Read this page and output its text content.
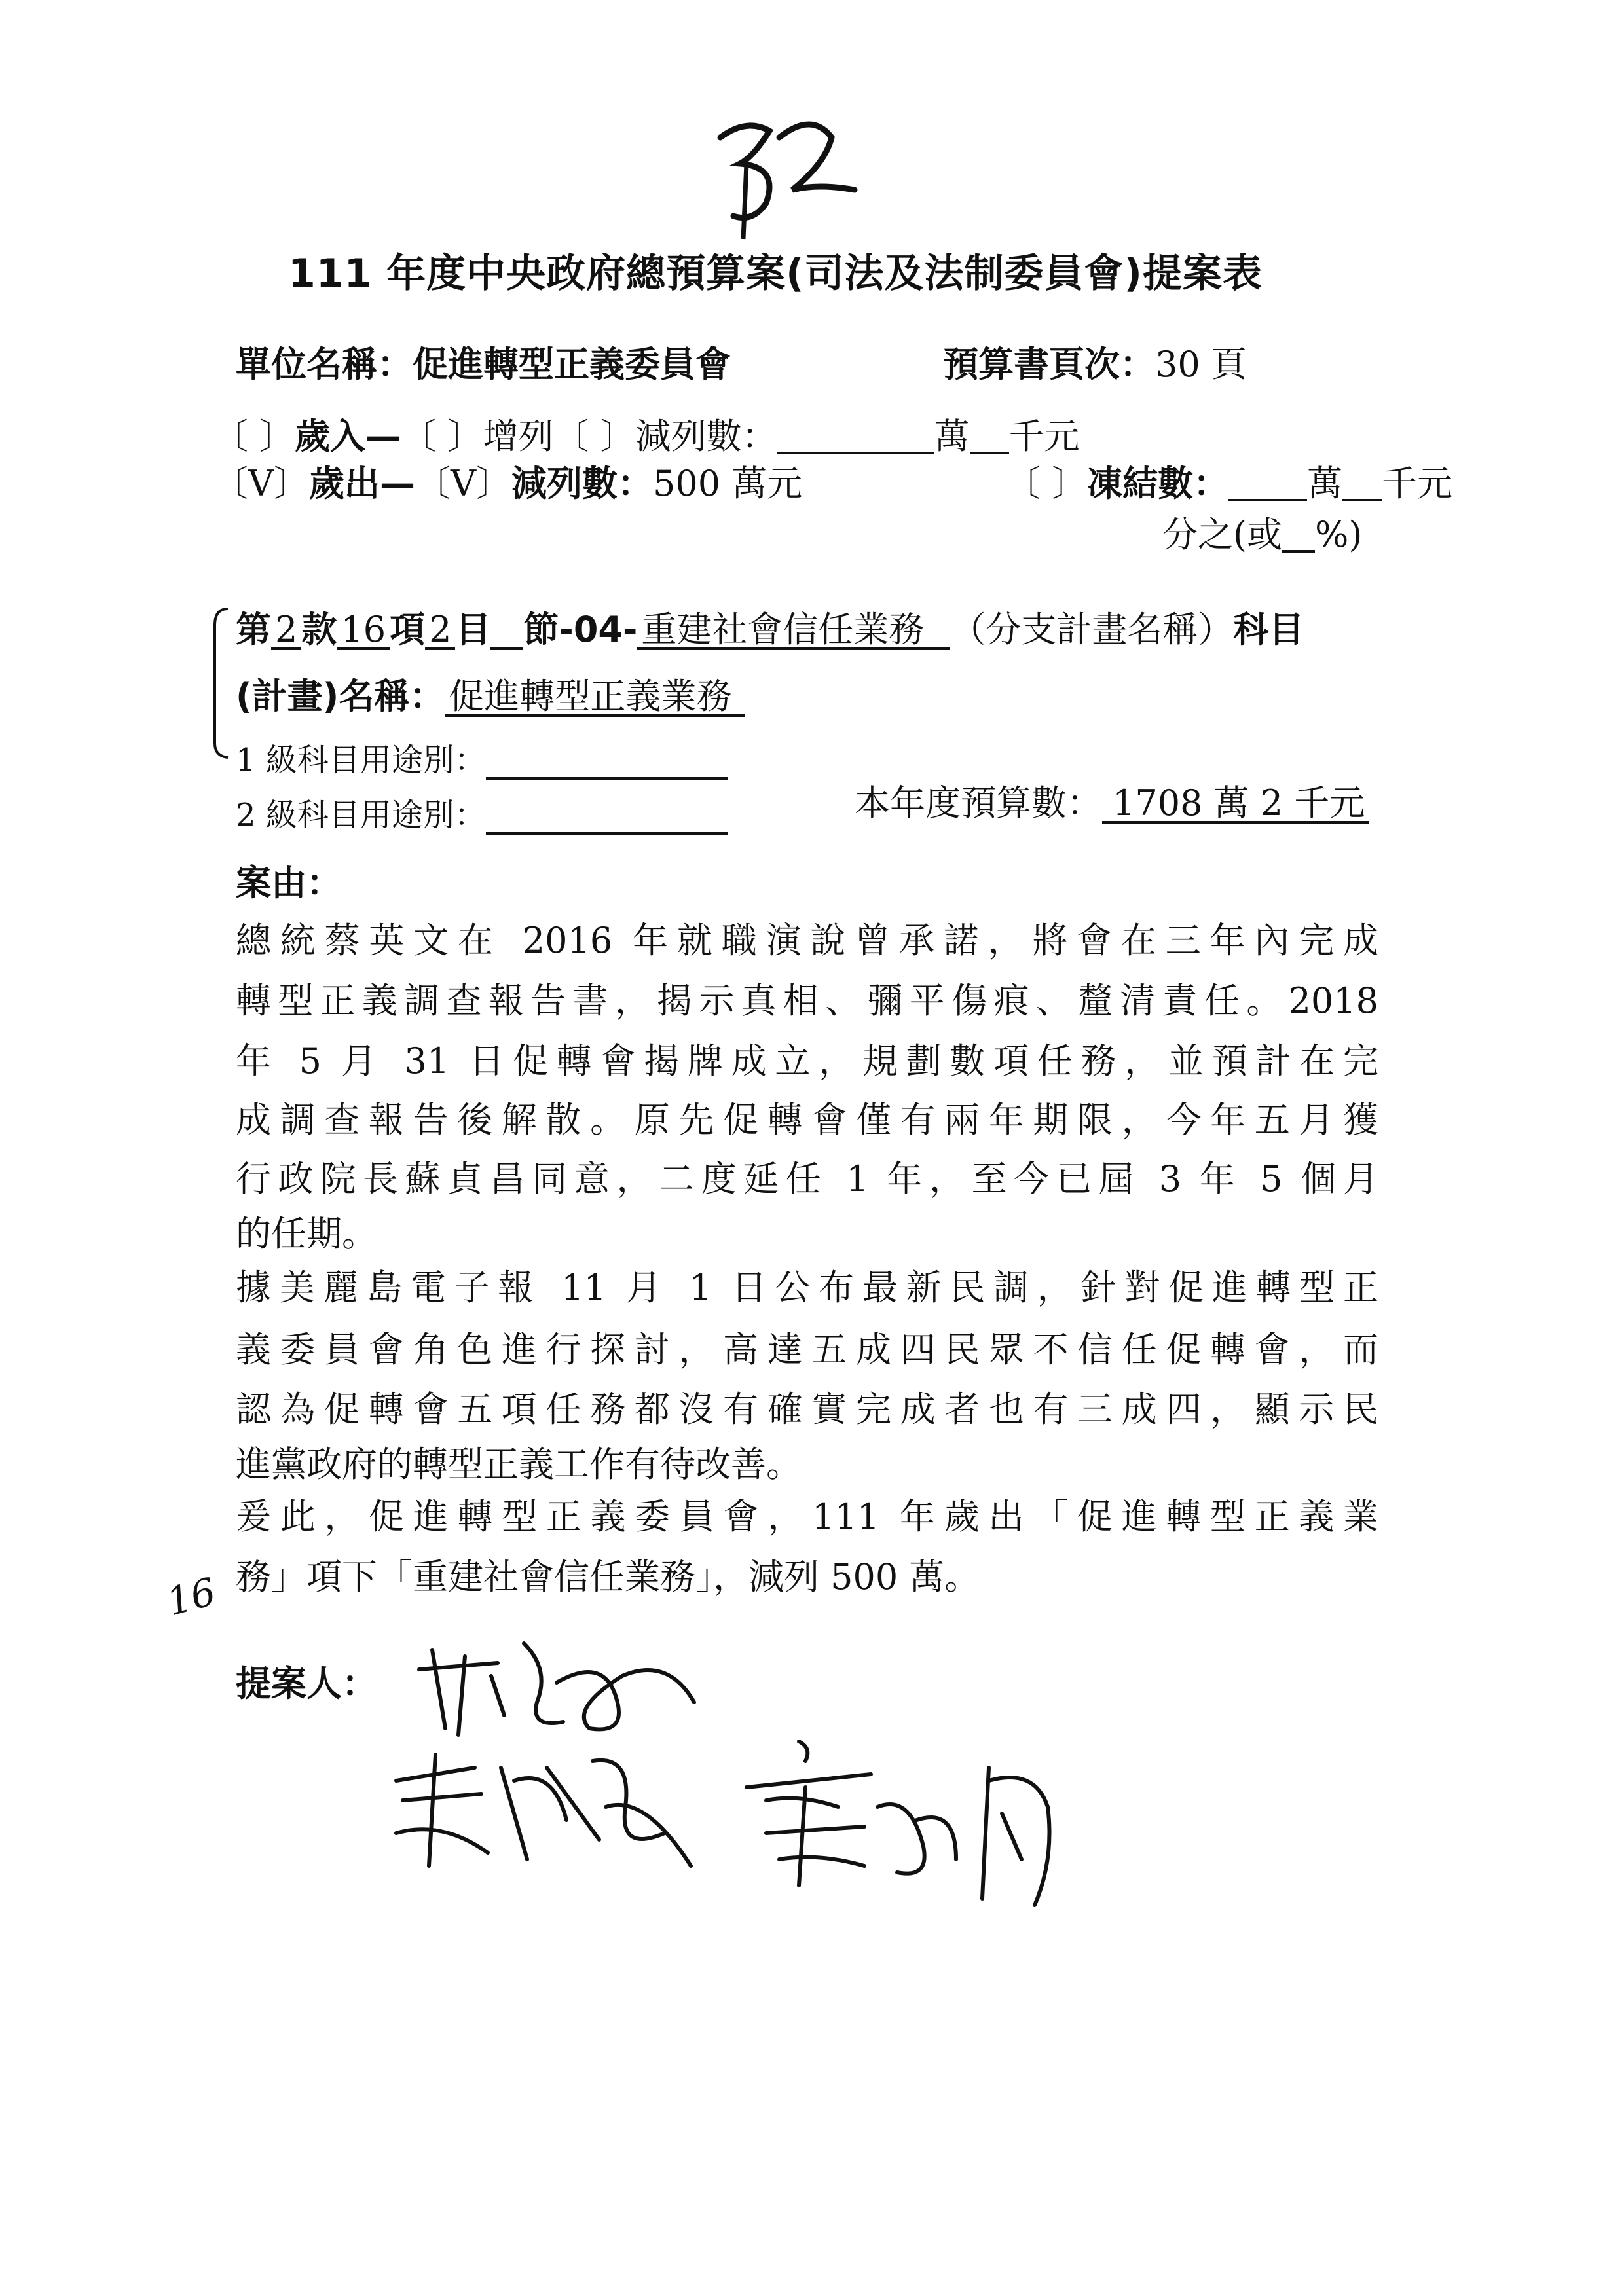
111 年度中央政府總預算案(司法及法制委員會)提案表
單位名稱：促進轉型正義委員會	預算書頁次：30 頁
〔 〕歲入—〔 〕增列〔 〕減列數：	萬 千元
〔V〕歲出—〔V〕減列數：500 萬元	〔 〕凍結數： 萬 千元
分之(或 %)
第 2 款 16 項 2 目 節-04- 重建社會信任業務 （分支計畫名稱）科目
(計畫)名稱： 促進轉型正義業務
1 級科目用途別：
2 級科目用途別：	本年度預算數： 1708 萬 2 千元
案由：
總統蔡英文在 2016 年就職演說曾承諾，將會在三年內完成
轉型正義調查報告書，揭示真相、彌平傷痕、釐清責任。2018
年 5 月 31 日促轉會揭牌成立，規劃數項任務，並預計在完
成調查報告後解散。原先促轉會僅有兩年期限，今年五月獲
行政院長蘇貞昌同意，二度延任 1 年，至今已屆 3 年 5 個月
的任期。
據美麗島電子報 11 月 1 日公布最新民調，針對促進轉型正
義委員會角色進行探討，高達五成四民眾不信任促轉會，而
認為促轉會五項任務都沒有確實完成者也有三成四，顯示民
進黨政府的轉型正義工作有待改善。
爰此，促進轉型正義委員會，111 年歲出「促進轉型正義業
務」項下「重建社會信任業務」，減列 500 萬。
16
提案人：
